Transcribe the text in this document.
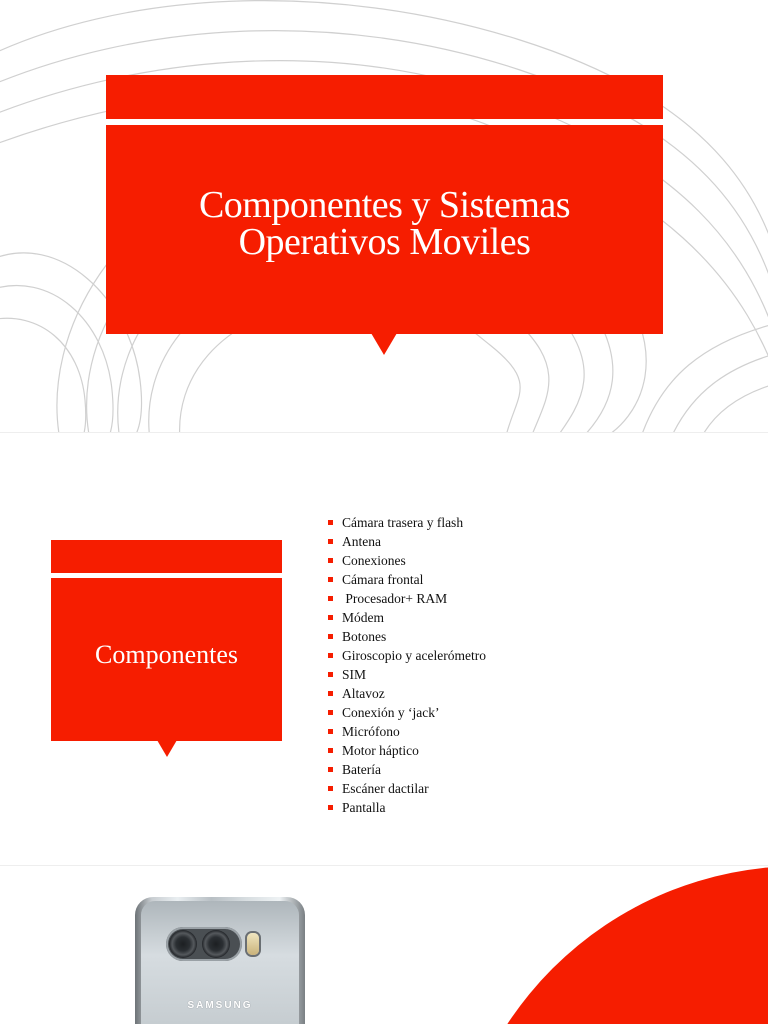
Componentes y Sistemas
Operativos Moviles
Componentes
Cámara trasera y flash
Antena
Conexiones
Cámara frontal
Procesador+ RAM
Módem
Botones
Giroscopio y acelerómetro
SIM
Altavoz
Conexión y ‘jack’
Micrófono
Motor háptico
Batería
Escáner dactilar
Pantalla
SAMSUNG
